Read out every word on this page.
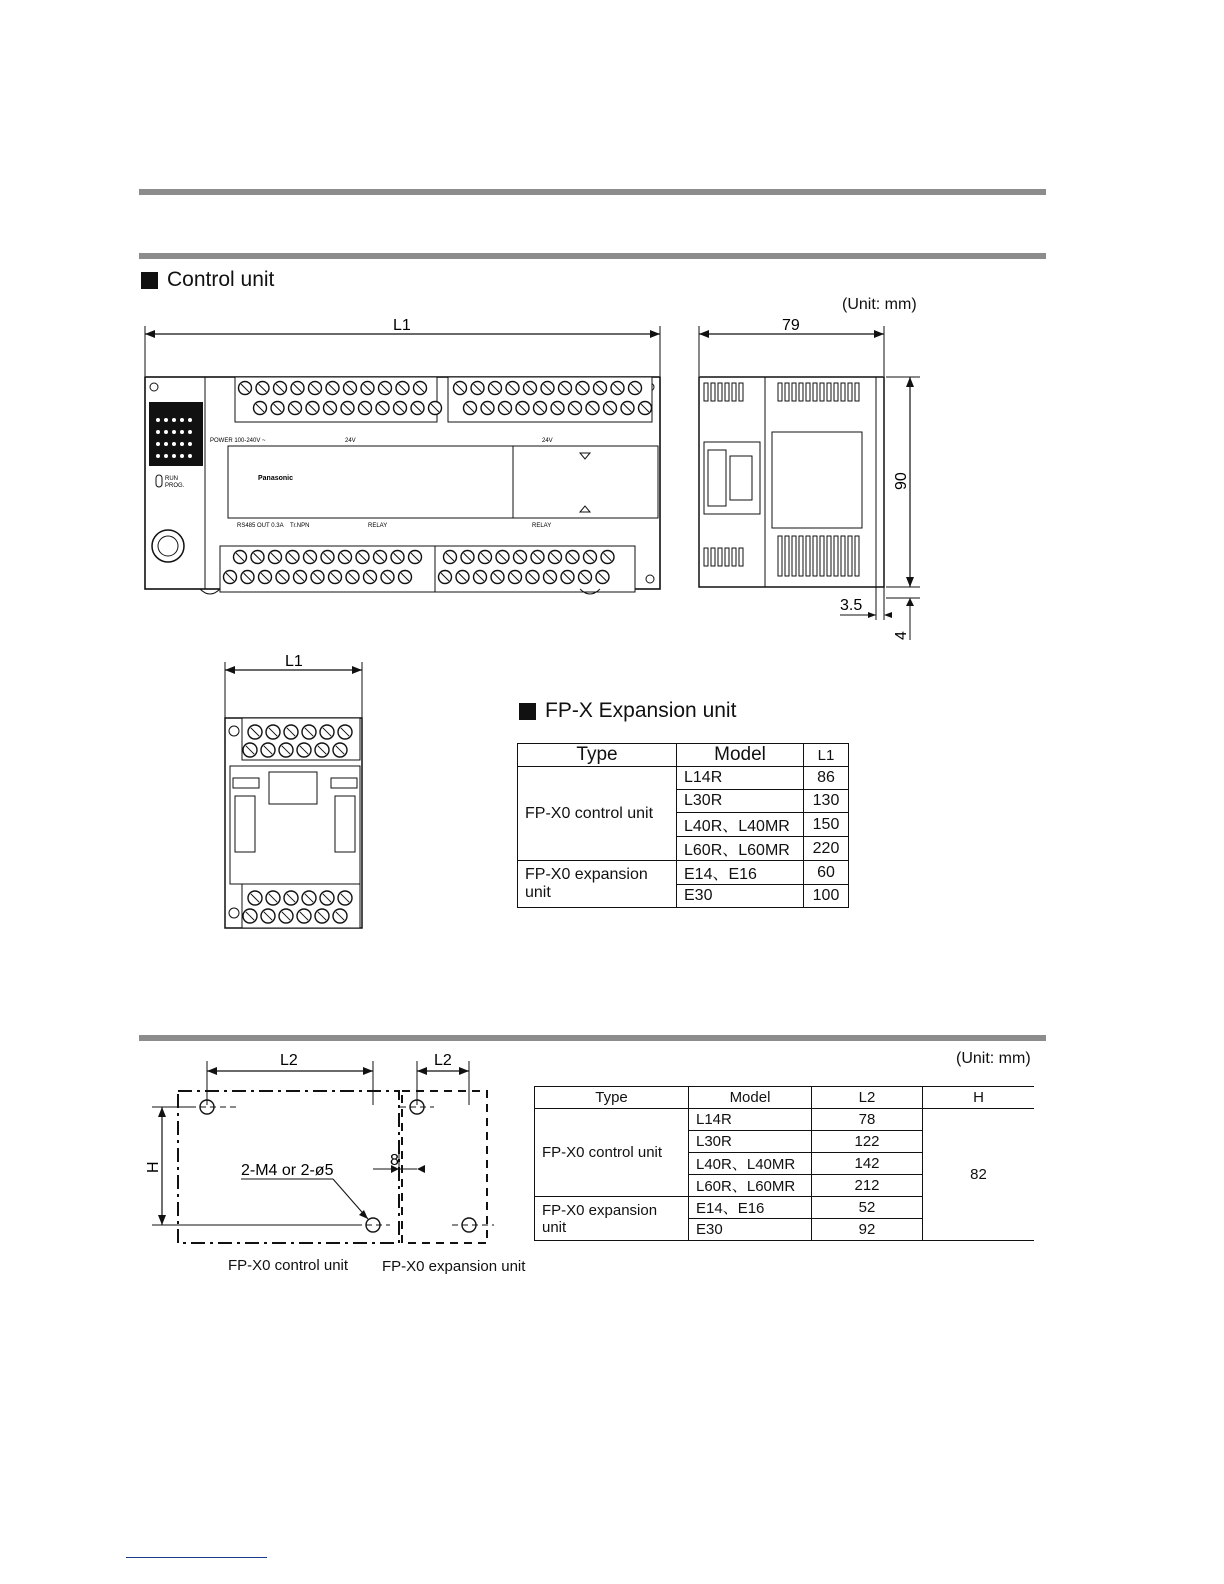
Control unit
(Unit: mm)
L1
RUN
PROG.
POWER 100-240V ~	24V	24V
Panasonic
RS485 OUT 0.3A Tr.NPN	RELAY	RELAY
79
90
3.5
4
L1
FP-X Expansion unit
Type	Model	L1
FP-X0 control unit	L14R	86
	L30R	130
	L40R、L40MR	150
	L60R、L60MR	220
FP-X0 expansion unit	E14、E16	60
	E30	100
(Unit: mm)
L2	L2
H	8
2-M4 or 2-ø5
FP-X0 control unit FP-X0 expansion unit
Type	Model	L2	H
FP-X0 control unit	L14R	78	82
	L30R	122	
	L40R、L40MR	142	
	L60R、L60MR	212	
FP-X0 expansion unit	E14、E16	52	
	E30	92	
